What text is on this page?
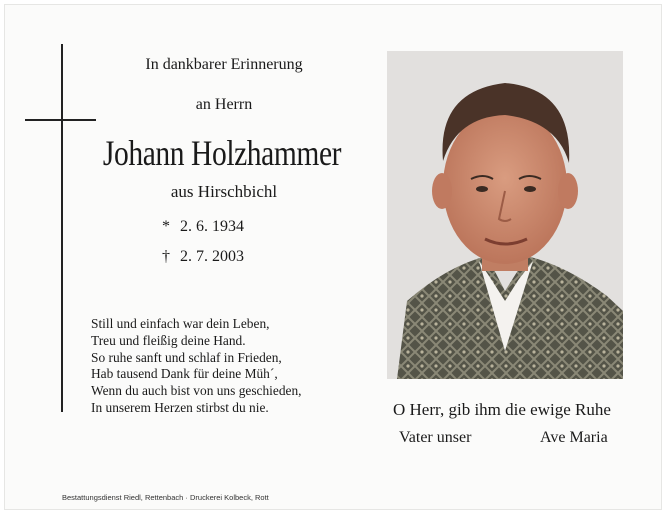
In dankbarer Erinnerung
an Herrn
Johann Holzhammer
aus Hirschbichl
* 2. 6. 1934
† 2. 7. 2003
Still und einfach war dein Leben,
Treu und fleißig deine Hand.
So ruhe sanft und schlaf in Frieden,
Hab tausend Dank für deine Müh´,
Wenn du auch bist von uns geschieden,
In unserem Herzen stirbst du nie.
Bestattungsdienst Riedl, Rettenbach · Druckerei Kolbeck, Rott
O Herr, gib ihm die ewige Ruhe
Vater unser	Ave Maria
